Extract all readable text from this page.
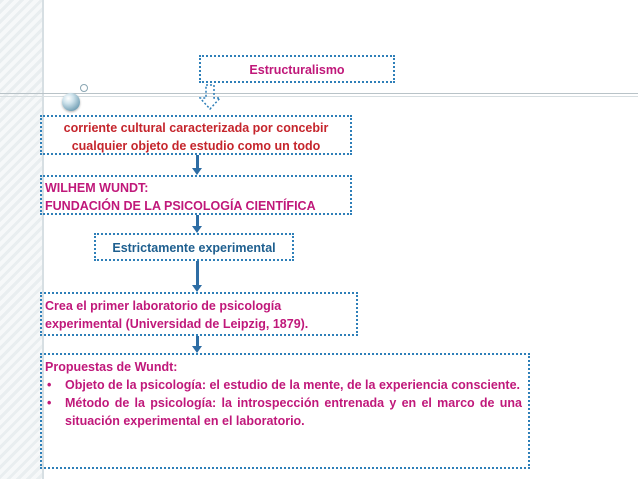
Estructuralismo
corriente cultural caracterizada por concebir
cualquier objeto de estudio como un todo
WILHEM WUNDT:
FUNDACIÓN DE LA PSICOLOGÍA CIENTÍFICA
Estrictamente experimental
Crea el primer laboratorio de psicología
experimental (Universidad de Leipzig, 1879).
Propuestas de Wundt:
• Objeto de la psicología: el estudio de la mente, de la experiencia consciente.
• Método de la psicología: la introspección entrenada y en el marco de una situación experimental en el laboratorio.
